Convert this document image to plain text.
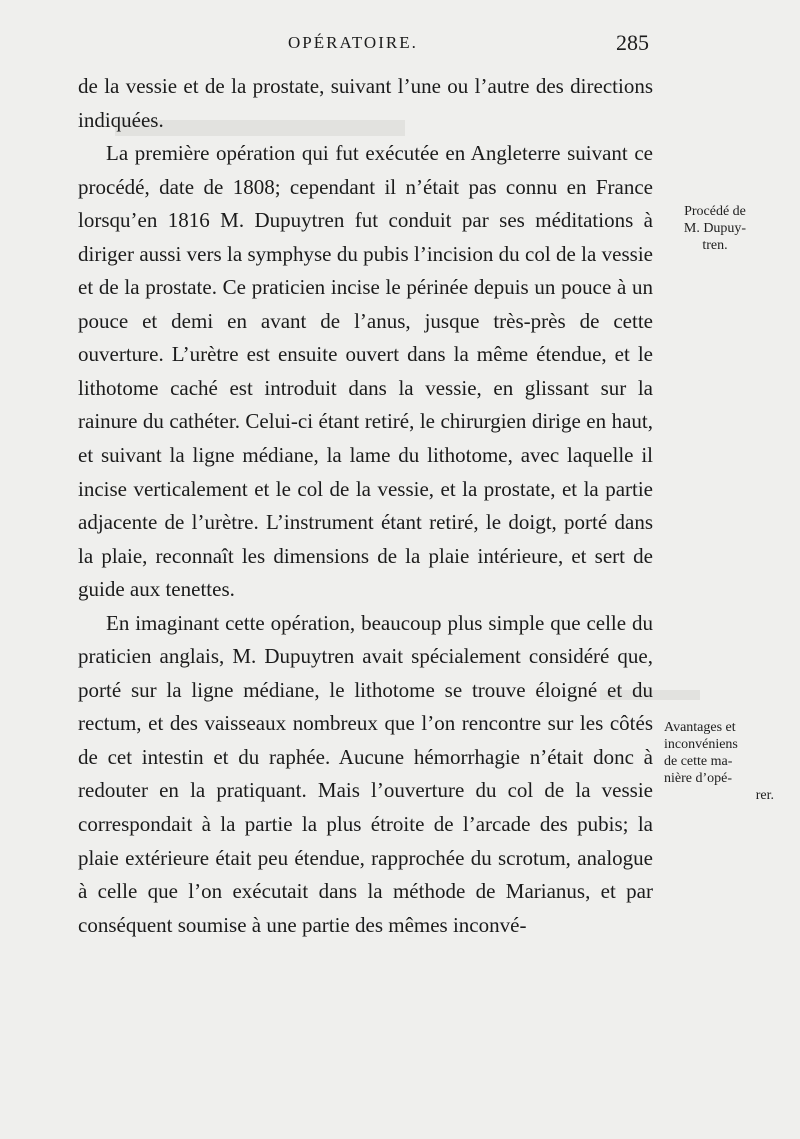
OPÉRATOIRE.	285

de la vessie et de la prostate, suivant l’une ou l’autre des directions indiquées.

La première opération qui fut exécutée en Angleterre suivant ce procédé, date de 1808; cependant il n’était pas connu en France lorsqu’en 1816 M. Dupuytren fut conduit par ses méditations à diriger aussi vers la symphyse du pubis l’incision du col de la vessie et de la prostate. Ce praticien incise le périnée depuis un pouce à un pouce et demi en avant de l’anus, jusque très-près de cette ouverture. L’urètre est ensuite ouvert dans la même étendue, et le lithotome caché est introduit dans la vessie, en glissant sur la rainure du cathéter. Celui-ci étant retiré, le chirurgien dirige en haut, et suivant la ligne médiane, la lame du lithotome, avec laquelle il incise verticalement et le col de la vessie, et la prostate, et la partie adjacente de l’urètre. L’instrument étant retiré, le doigt, porté dans la plaie, reconnaît les dimensions de la plaie intérieure, et sert de guide aux tenettes.

En imaginant cette opération, beaucoup plus simple que celle du praticien anglais, M. Dupuytren avait spécialement considéré que, porté sur la ligne médiane, le lithotome se trouve éloigné et du rectum, et des vaisseaux nombreux que l’on rencontre sur les côtés de cet intestin et du raphée. Aucune hémorrhagie n’était donc à redouter en la pratiquant. Mais l’ouverture du col de la vessie correspondait à la partie la plus étroite de l’arcade des pubis; la plaie extérieure était peu étendue, rapprochée du scrotum, analogue à celle que l’on exécutait dans la méthode de Marianus, et par conséquent soumise à une partie des mêmes inconvé-

Procédé de
M. Dupuy-
tren.
Avantages et
inconvéniens
de cette ma-
nière d’opé-
rer.
